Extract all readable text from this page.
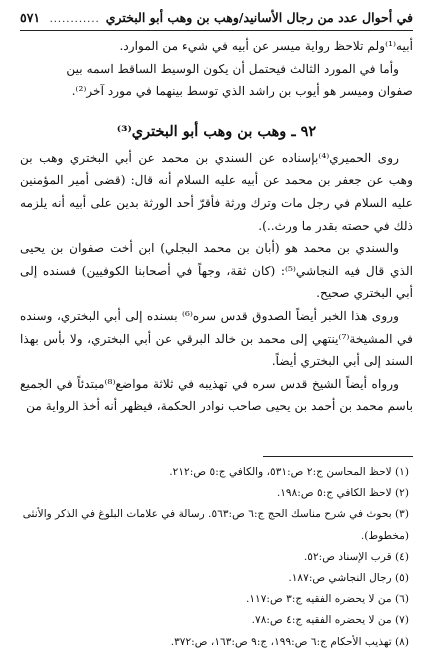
في أحوال عدد من رجال الأسانيد/وهب بن وهب أبو البختري
............
٥٧١

أبيه⁽¹⁾ولم تلاحظ رواية ميسر عن أبيه في شيء من الموارد.

وأما في المورد الثالث فيحتمل أن يكون الوسيط الساقط اسمه بين

صفوان وميسر هو أيوب بن راشد الذي توسط بينهما في مورد آخر⁽²⁾.

٩٢ ـ وهب بن وهب أبو البختري⁽³⁾

روى الحميري⁽⁴⁾بإسناده عن السندي بن محمد عن أبي البختري وهب بن وهب عن جعفر بن محمد عن أبيه عليه السلام أنه قال: (قضى أمير المؤمنين عليه السلام في رجل مات وترك ورثة فأقرّ أحد الورثة بدين على أبيه أنه يلزمه ذلك في حصته بقدر ما ورث..).

والسندي بن محمد هو (أبان بن محمد البجلي) ابن أخت صفوان بن يحيى الذي قال فيه النجاشي⁽⁵⁾: (كان ثقة، وجهاً في أصحابنا الكوفيين) فسنده إلى أبي البختري صحيح.

وروى هذا الخبر أيضاً الصدوق قدس سره⁽⁶⁾ بسنده إلى أبي البختري، وسنده في المشيخة⁽⁷⁾ينتهي إلى محمد بن خالد البرقي عن أبي البختري، ولا بأس بهذا السند إلى أبي البختري أيضاً.

ورواه أيضاً الشيخ قدس سره في تهذيبه في ثلاثة مواضع⁽⁸⁾مبتدئاً في الجميع باسم محمد بن أحمد بن يحيى صاحب نوادر الحكمة، فيظهر أنه أخذ الرواية من

(١) لاحظ المحاسن ج:٢ ص:٥٣١، والكافي ج:٥ ص:٢١٢.
(٢) لاحظ الكافي ج:٥ ص:١٩٨.
(٣) بحوث في شرح مناسك الحج ج:٦ ص:٥٦٣. رسالة في علامات البلوغ في الذكر والأنثى
(مخطوط).
(٤) قرب الإسناد ص:٥٢.
(٥) رجال النجاشي ص:١٨٧.
(٦) من لا يحضره الفقيه ج:٣ ص:١١٧.
(٧) من لا يحضره الفقيه ج:٤ ص:٧٨.
(٨) تهذيب الأحكام ج:٦ ص:١٩٩، ج:٩ ص:١٦٣، ص:٣٧٢.
